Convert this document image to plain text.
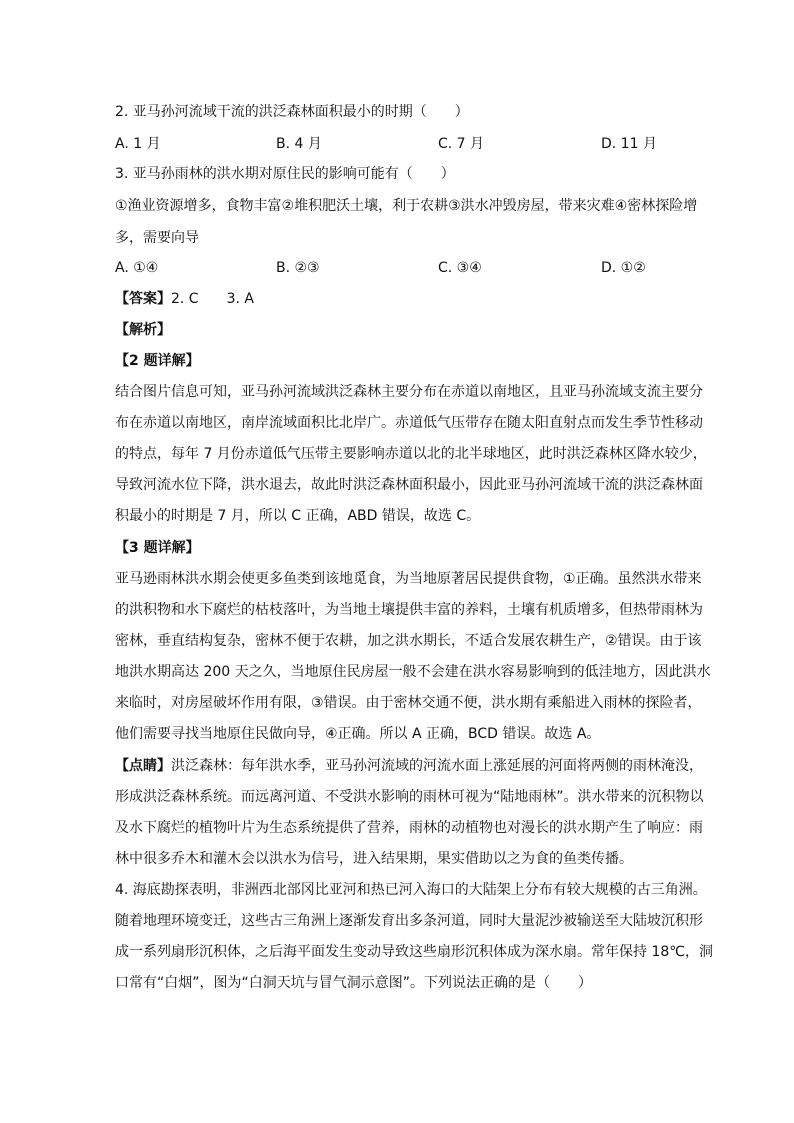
2. 亚马孙河流域干流的洪泛森林面积最小的时期（　　）
A. 1 月	B. 4 月	C. 7 月	D. 11 月
3. 亚马孙雨林的洪水期对原住民的影响可能有（　　）
①渔业资源增多，食物丰富②堆积肥沃土壤，利于农耕③洪水冲毁房屋，带来灾难④密林探险增
多，需要向导
A. ①④	B. ②③	C. ③④	D. ①②
【答案】2. C　　3. A
【解析】
【2 题详解】
结合图片信息可知，亚马孙河流域洪泛森林主要分布在赤道以南地区，且亚马孙流域支流主要分
布在赤道以南地区，南岸流域面积比北岸广。赤道低气压带存在随太阳直射点而发生季节性移动
的特点，每年 7 月份赤道低气压带主要影响赤道以北的北半球地区，此时洪泛森林区降水较少，
导致河流水位下降，洪水退去，故此时洪泛森林面积最小，因此亚马孙河流域干流的洪泛森林面
积最小的时期是 7 月，所以 C 正确，ABD 错误，故选 C。
【3 题详解】
亚马逊雨林洪水期会使更多鱼类到该地觅食，为当地原著居民提供食物，①正确。虽然洪水带来
的洪积物和水下腐烂的枯枝落叶，为当地土壤提供丰富的养料，土壤有机质增多，但热带雨林为
密林，垂直结构复杂，密林不便于农耕，加之洪水期长，不适合发展农耕生产，②错误。由于该
地洪水期高达 200 天之久，当地原住民房屋一般不会建在洪水容易影响到的低洼地方，因此洪水
来临时，对房屋破坏作用有限，③错误。由于密林交通不便，洪水期有乘船进入雨林的探险者，
他们需要寻找当地原住民做向导，④正确。所以 A 正确，BCD 错误。故选 A。
【点睛】洪泛森林：每年洪水季，亚马孙河流域的河流水面上涨延展的河面将两侧的雨林淹没，
形成洪泛森林系统。而远离河道、不受洪水影响的雨林可视为“陆地雨林”。洪水带来的沉积物以
及水下腐烂的植物叶片为生态系统提供了营养，雨林的动植物也对漫长的洪水期产生了响应：雨
林中很多乔木和灌木会以洪水为信号，进入结果期，果实借助以之为食的鱼类传播。
4. 海底勘探表明，非洲西北部冈比亚河和热已河入海口的大陆架上分布有较大规模的古三角洲。
随着地理环境变迁，这些古三角洲上逐渐发育出多条河道，同时大量泥沙被输送至大陆坡沉积形
成一系列扇形沉积体，之后海平面发生变动导致这些扇形沉积体成为深水扇。常年保持 18℃，洞
口常有“白烟”，图为“白洞天坑与冒气洞示意图”。下列说法正确的是（　　）
